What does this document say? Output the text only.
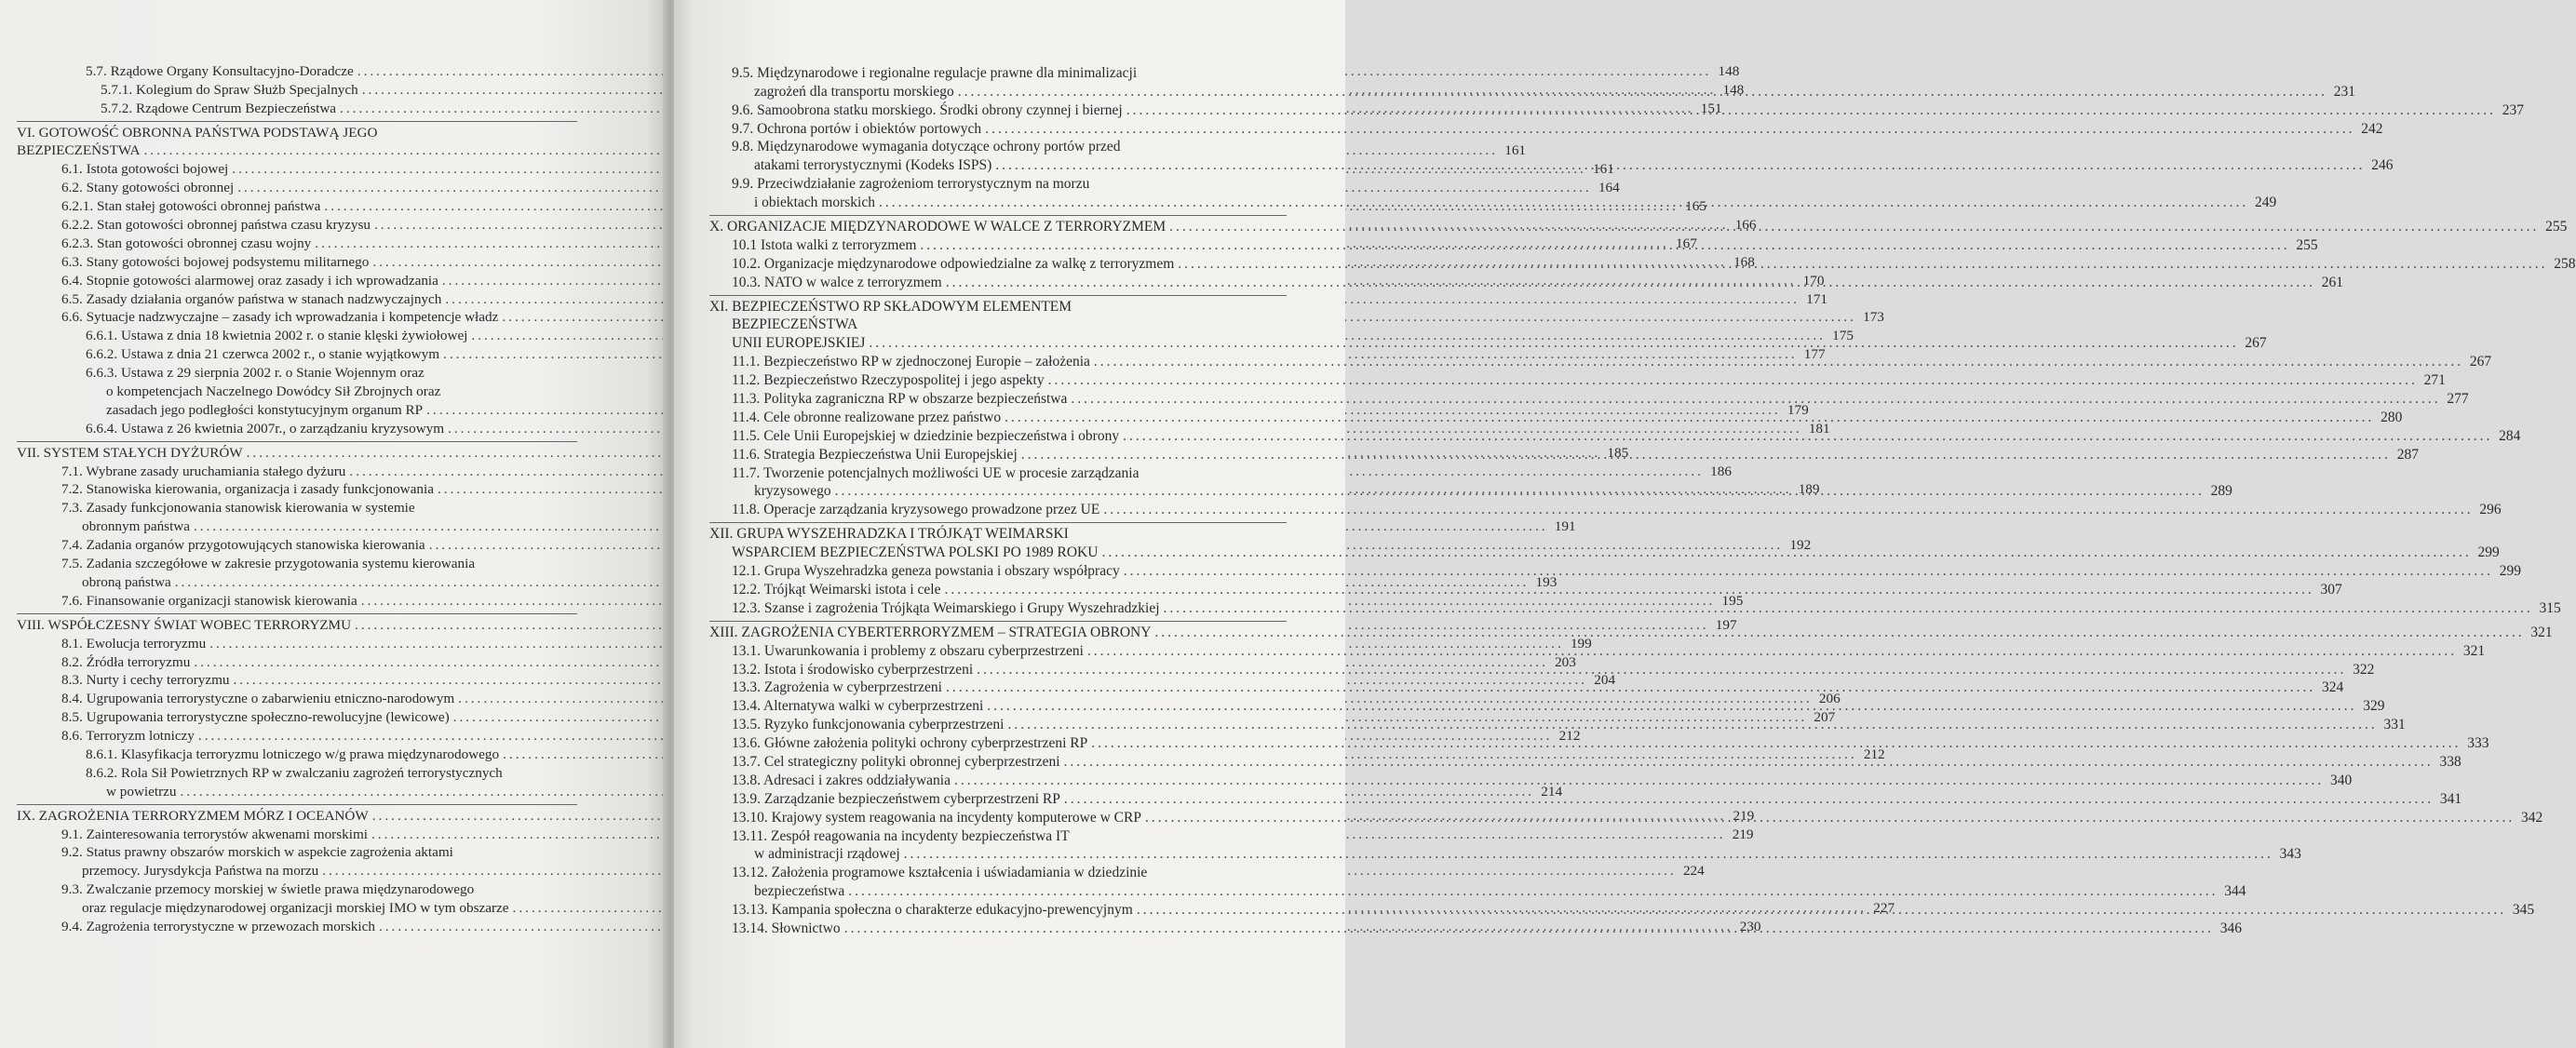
5.7. Rządowe Organy Konsultacyjno-Doradcze .....	148
5.7.1. Kolegium do Spraw Służb Specjalnych .....	148
5.7.2. Rządowe Centrum Bezpieczeństwa .....	151
VI. GOTOWOŚĆ OBRONNA PAŃSTWA PODSTAWĄ JEGO
BEZPIECZEŃSTWA .....	161
6.1. Istota gotowości bojowej .....	161
6.2. Stany gotowości obronnej .....	164
6.2.1. Stan stałej gotowości obronnej państwa .....	165
6.2.2. Stan gotowości obronnej państwa czasu kryzysu .....	166
6.2.3. Stan gotowości obronnej czasu wojny .....	167
6.3. Stany gotowości bojowej podsystemu militarnego .....	168
6.4. Stopnie gotowości alarmowej oraz zasady i ich wprowadzania .....	170
6.5. Zasady działania organów państwa w stanach nadzwyczajnych .....	171
6.6. Sytuacje nadzwyczajne – zasady ich wprowadzania i kompetencje władz .....	173
6.6.1. Ustawa z dnia 18 kwietnia 2002 r. o stanie klęski żywiołowej .....	175
6.6.2. Ustawa z dnia 21 czerwca 2002 r., o stanie wyjątkowym .....	177
6.6.3. Ustawa z 29 sierpnia 2002 r. o Stanie Wojennym oraz
o kompetencjach Naczelnego Dowódcy Sił Zbrojnych oraz
zasadach jego podległości konstytucyjnym organum RP .....	179
6.6.4. Ustawa z 26 kwietnia 2007r., o zarządzaniu kryzysowym .....	181
VII. SYSTEM STAŁYCH DYŻURÓW .....	185
7.1. Wybrane zasady uruchamiania stałego dyżuru .....	186
7.2. Stanowiska kierowania, organizacja i zasady funkcjonowania .....	189
7.3. Zasady funkcjonowania stanowisk kierowania w systemie
obronnym państwa .....	191
7.4. Zadania organów przygotowujących stanowiska kierowania .....	192
7.5. Zadania szczegółowe w zakresie przygotowania systemu kierowania
obroną państwa .....	193
7.6. Finansowanie organizacji stanowisk kierowania .....	195
VIII. WSPÓŁCZESNY ŚWIAT WOBEC TERRORYZMU .....	197
8.1. Ewolucja terroryzmu .....	199
8.2. Źródła terroryzmu .....	203
8.3. Nurty i cechy terroryzmu .....	204
8.4. Ugrupowania terrorystyczne o zabarwieniu etniczno-narodowym .....	206
8.5. Ugrupowania terrorystyczne społeczno-rewolucyjne (lewicowe) .....	207
8.6. Terroryzm lotniczy .....	212
8.6.1. Klasyfikacja terroryzmu lotniczego w/g prawa międzynarodowego .....	212
8.6.2. Rola Sił Powietrznych RP w zwalczaniu zagrożeń terrorystycznych
w powietrzu .....	214
IX. ZAGROŻENIA TERRORYZMEM MÓRZ I OCEANÓW .....	219
9.1. Zainteresowania terrorystów akwenami morskimi .....	219
9.2. Status prawny obszarów morskich w aspekcie zagrożenia aktami
przemocy. Jurysdykcja Państwa na morzu .....	224
9.3. Zwalczanie przemocy morskiej w świetle prawa międzynarodowego
oraz regulacje międzynarodowej organizacji morskiej IMO w tym obszarze .....	227
9.4. Zagrożenia terrorystyczne w przewozach morskich .....	230
9.5. Międzynarodowe i regionalne regulacje prawne dla minimalizacji
zagrożeń dla transportu morskiego .....	231
9.6. Samoobrona statku morskiego. Środki obrony czynnej i biernej .....	237
9.7. Ochrona portów i obiektów portowych .....	242
9.8. Międzynarodowe wymagania dotyczące ochrony portów przed
atakami terrorystycznymi (Kodeks ISPS) .....	246
9.9. Przeciwdziałanie zagrożeniom terrorystycznym na morzu
i obiektach morskich .....	249
X. ORGANIZACJE MIĘDZYNARODOWE W WALCE Z TERRORYZMEM .....	255
10.1 Istota walki z terroryzmem .....	255
10.2. Organizacje międzynarodowe odpowiedzialne za walkę z terroryzmem .....	258
10.3. NATO w walce z terroryzmem .....	261
XI. BEZPIECZEŃSTWO RP SKŁADOWYM ELEMENTEM
BEZPIECZEŃSTWA
UNII EUROPEJSKIEJ .....	267
11.1. Bezpieczeństwo RP w zjednoczonej Europie – założenia .....	267
11.2. Bezpieczeństwo Rzeczypospolitej i jego aspekty .....	271
11.3. Polityka zagraniczna RP w obszarze bezpieczeństwa .....	277
11.4. Cele obronne realizowane przez państwo .....	280
11.5. Cele Unii Europejskiej w dziedzinie bezpieczeństwa i obrony .....	284
11.6. Strategia Bezpieczeństwa Unii Europejskiej .....	287
11.7. Tworzenie potencjalnych możliwości UE w procesie zarządzania
kryzysowego .....	289
11.8. Operacje zarządzania kryzysowego prowadzone przez UE .....	296
XII. GRUPA WYSZEHRADZKA I TRÓJKĄT WEIMARSKI
WSPARCIEM BEZPIECZEŃSTWA POLSKI PO 1989 ROKU .....	299
12.1. Grupa Wyszehradzka geneza powstania i obszary współpracy .....	299
12.2. Trójkąt Weimarski istota i cele .....	307
12.3. Szanse i zagrożenia Trójkąta Weimarskiego i Grupy Wyszehradzkiej .....	315
XIII. ZAGROŻENIA CYBERTERRORYZMEM – STRATEGIA OBRONY .....	321
13.1. Uwarunkowania i problemy z obszaru cyberprzestrzeni .....	321
13.2. Istota i środowisko cyberprzestrzeni .....	322
13.3. Zagrożenia w cyberprzestrzeni .....	324
13.4. Alternatywa walki w cyberprzestrzeni .....	329
13.5. Ryzyko funkcjonowania cyberprzestrzeni .....	331
13.6. Główne założenia polityki ochrony cyberprzestrzeni RP .....	333
13.7. Cel strategiczny polityki obronnej cyberprzestrzeni .....	338
13.8. Adresaci i zakres oddziaływania .....	340
13.9. Zarządzanie bezpieczeństwem cyberprzestrzeni RP .....	341
13.10. Krajowy system reagowania na incydenty komputerowe w CRP .....	342
13.11. Zespół reagowania na incydenty bezpieczeństwa IT
w administracji rządowej .....	343
13.12. Założenia programowe kształcenia i uświadamiania w dziedzinie
bezpieczeństwa .....	344
13.13. Kampania społeczna o charakterze edukacyjno-prewencyjnym .....	345
13.14. Słownictwo .....	346
